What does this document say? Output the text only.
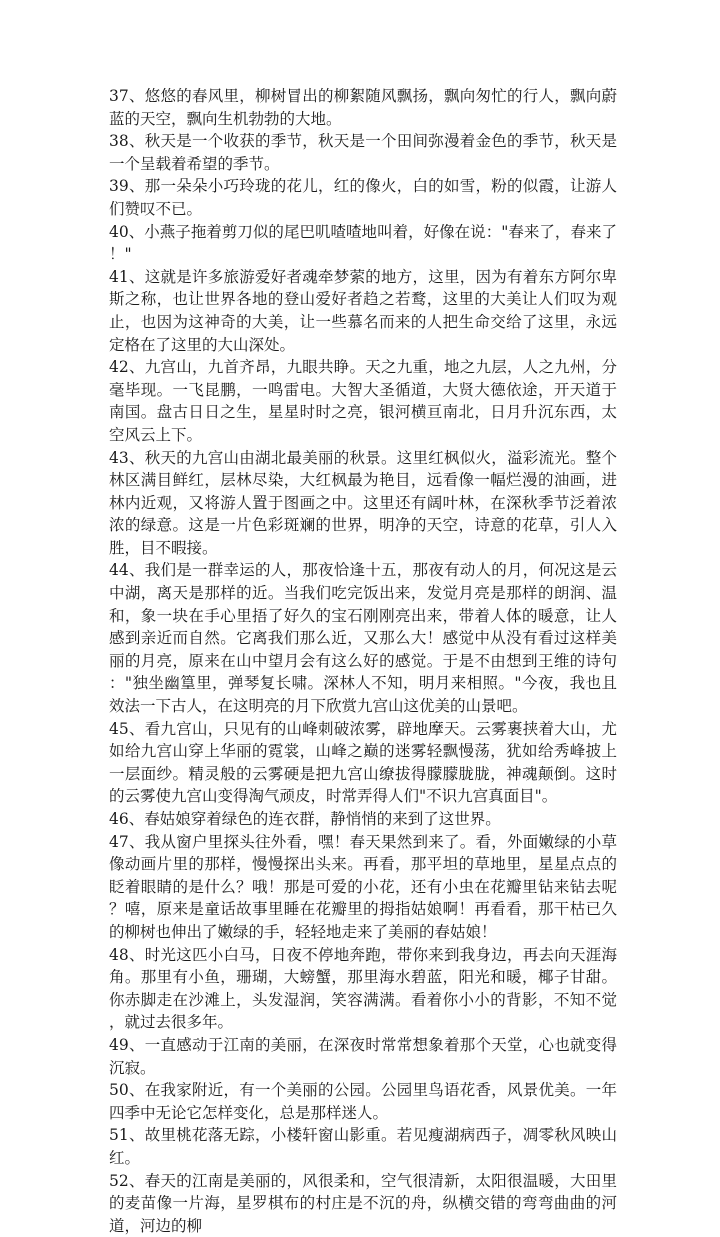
37、悠悠的春风里，柳树冒出的柳絮随风飘扬，飘向匆忙的行人，飘向蔚蓝的天空，飘向生机勃勃的大地。

38、秋天是一个收获的季节，秋天是一个田间弥漫着金色的季节，秋天是一个呈载着希望的季节。

39、那一朵朵小巧玲珑的花儿，红的像火，白的如雪，粉的似霞，让游人们赞叹不已。

40、小燕子拖着剪刀似的尾巴叽喳喳地叫着，好像在说："春来了，春来了！"

41、这就是许多旅游爱好者魂牵梦萦的地方，这里，因为有着东方阿尔卑斯之称，也让世界各地的登山爱好者趋之若鹜，这里的大美让人们叹为观止，也因为这神奇的大美，让一些慕名而来的人把生命交给了这里，永远定格在了这里的大山深处。

42、九宫山，九首齐昂，九眼共睁。天之九重，地之九层，人之九州，分毫毕现。一飞昆鹏，一鸣雷电。大智大圣循道，大贤大德依途，开天道于南国。盘古日日之生，星星时时之亮，银河横亘南北，日月升沉东西，太空风云上下。

43、秋天的九宫山由湖北最美丽的秋景。这里红枫似火，溢彩流光。整个林区满目鲜红，层林尽染，大红枫最为艳目，远看像一幅烂漫的油画，进林内近观，又将游人置于图画之中。这里还有阔叶林，在深秋季节泛着浓浓的绿意。这是一片色彩斑斓的世界，明净的天空，诗意的花草，引人入胜，目不暇接。

44、我们是一群幸运的人，那夜恰逢十五，那夜有动人的月，何况这是云中湖，离天是那样的近。当我们吃完饭出来，发觉月亮是那样的朗润、温和，象一块在手心里捂了好久的宝石刚刚亮出来，带着人体的暖意，让人感到亲近而自然。它离我们那么近，又那么大！感觉中从没有看过这样美丽的月亮，原来在山中望月会有这么好的感觉。于是不由想到王维的诗句："独坐幽篁里，弹琴复长啸。深林人不知，明月来相照。"今夜，我也且效法一下古人，在这明亮的月下欣赏九宫山这优美的山景吧。

45、看九宫山，只见有的山峰刺破浓雾，辟地摩天。云雾裹挟着大山，尤如给九宫山穿上华丽的霓裳，山峰之巅的迷雾轻飘慢荡，犹如给秀峰披上一层面纱。精灵般的云雾硬是把九宫山缭拔得朦朦胧胧，神魂颠倒。这时的云雾使九宫山变得淘气顽皮，时常弄得人们"不识九宫真面目"。

46、春姑娘穿着绿色的连衣群，静悄悄的来到了这世界。

47、我从窗户里探头往外看，嘿！春天果然到来了。看，外面嫩绿的小草像动画片里的那样，慢慢探出头来。再看，那平坦的草地里，星星点点的眨着眼睛的是什么？哦！那是可爱的小花，还有小虫在花瓣里钻来钻去呢？嘻，原来是童话故事里睡在花瓣里的拇指姑娘啊！再看看，那干枯已久的柳树也伸出了嫩绿的手，轻轻地走来了美丽的春姑娘！

48、时光这匹小白马，日夜不停地奔跑，带你来到我身边，再去向天涯海角。那里有小鱼，珊瑚，大螃蟹，那里海水碧蓝，阳光和暖，椰子甘甜。你赤脚走在沙滩上，头发湿润，笑容满满。看着你小小的背影，不知不觉，就过去很多年。

49、一直感动于江南的美丽，在深夜时常常想象着那个天堂，心也就变得沉寂。

50、在我家附近，有一个美丽的公园。公园里鸟语花香，风景优美。一年四季中无论它怎样变化，总是那样迷人。

51、故里桃花落无踪，小楼轩窗山影重。若见瘦湖病西子，凋零秋风映山红。

52、春天的江南是美丽的，风很柔和，空气很清新，太阳很温暖，大田里的麦苗像一片海，星罗棋布的村庄是不沉的舟，纵横交错的弯弯曲曲的河道，河边的柳
